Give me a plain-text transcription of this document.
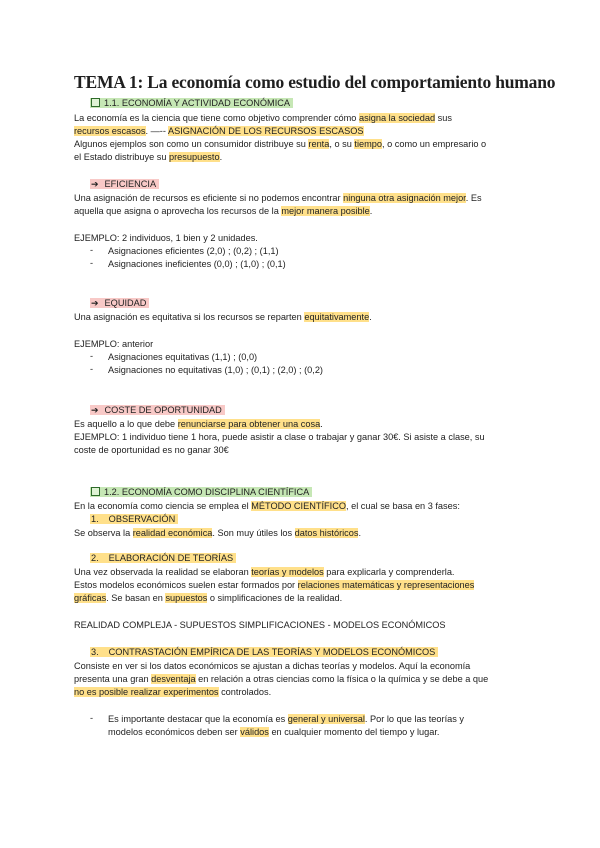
TEMA 1: La economía como estudio del comportamiento humano
1.1. ECONOMÍA Y ACTIVIDAD ECONÓMICA
La economía es la ciencia que tiene como objetivo comprender cómo asigna la sociedad sus
recursos escasos. —-- ASIGNACIÓN DE LOS RECURSOS ESCASOS
Algunos ejemplos son como un consumidor distribuye su renta, o su tiempo, o como un empresario o
el Estado distribuye su presupuesto.
➔ EFICIENCIA
Una asignación de recursos es eficiente si no podemos encontrar ninguna otra asignación mejor. Es
aquella que asigna o aprovecha los recursos de la mejor manera posible.
EJEMPLO: 2 individuos, 1 bien y 2 unidades.
- Asignaciones eficientes (2,0) ; (0,2) ; (1,1)
- Asignaciones ineficientes (0,0) ; (1,0) ; (0,1)
➔ EQUIDAD
Una asignación es equitativa si los recursos se reparten equitativamente.
EJEMPLO: anterior
- Asignaciones equitativas (1,1) ; (0,0)
- Asignaciones no equitativas (1,0) ; (0,1) ; (2,0) ; (0,2)
➔ COSTE DE OPORTUNIDAD
Es aquello a lo que debe renunciarse para obtener una cosa.
EJEMPLO: 1 individuo tiene 1 hora, puede asistir a clase o trabajar y ganar 30€. Si asiste a clase, su
coste de oportunidad es no ganar 30€
1.2. ECONOMÍA COMO DISCIPLINA CIENTÍFICA
En la economía como ciencia se emplea el MÉTODO CIENTÍFICO, el cual se basa en 3 fases:
1. OBSERVACIÓN
Se observa la realidad económica. Son muy útiles los datos históricos.
2. ELABORACIÓN DE TEORÍAS
Una vez observada la realidad se elaboran teorías y modelos para explicarla y comprenderla.
Estos modelos económicos suelen estar formados por relaciones matemáticas y representaciones
gráficas. Se basan en supuestos o simplificaciones de la realidad.
REALIDAD COMPLEJA - SUPUESTOS SIMPLIFICACIONES - MODELOS ECONÓMICOS
3. CONTRASTACIÓN EMPÍRICA DE LAS TEORÍAS Y MODELOS ECONÓMICOS
Consiste en ver si los datos económicos se ajustan a dichas teorías y modelos. Aquí la economía
presenta una gran desventaja en relación a otras ciencias como la física o la química y se debe a que
no es posible realizar experimentos controlados.
- Es importante destacar que la economía es general y universal. Por lo que las teorías y
modelos económicos deben ser válidos en cualquier momento del tiempo y lugar.
